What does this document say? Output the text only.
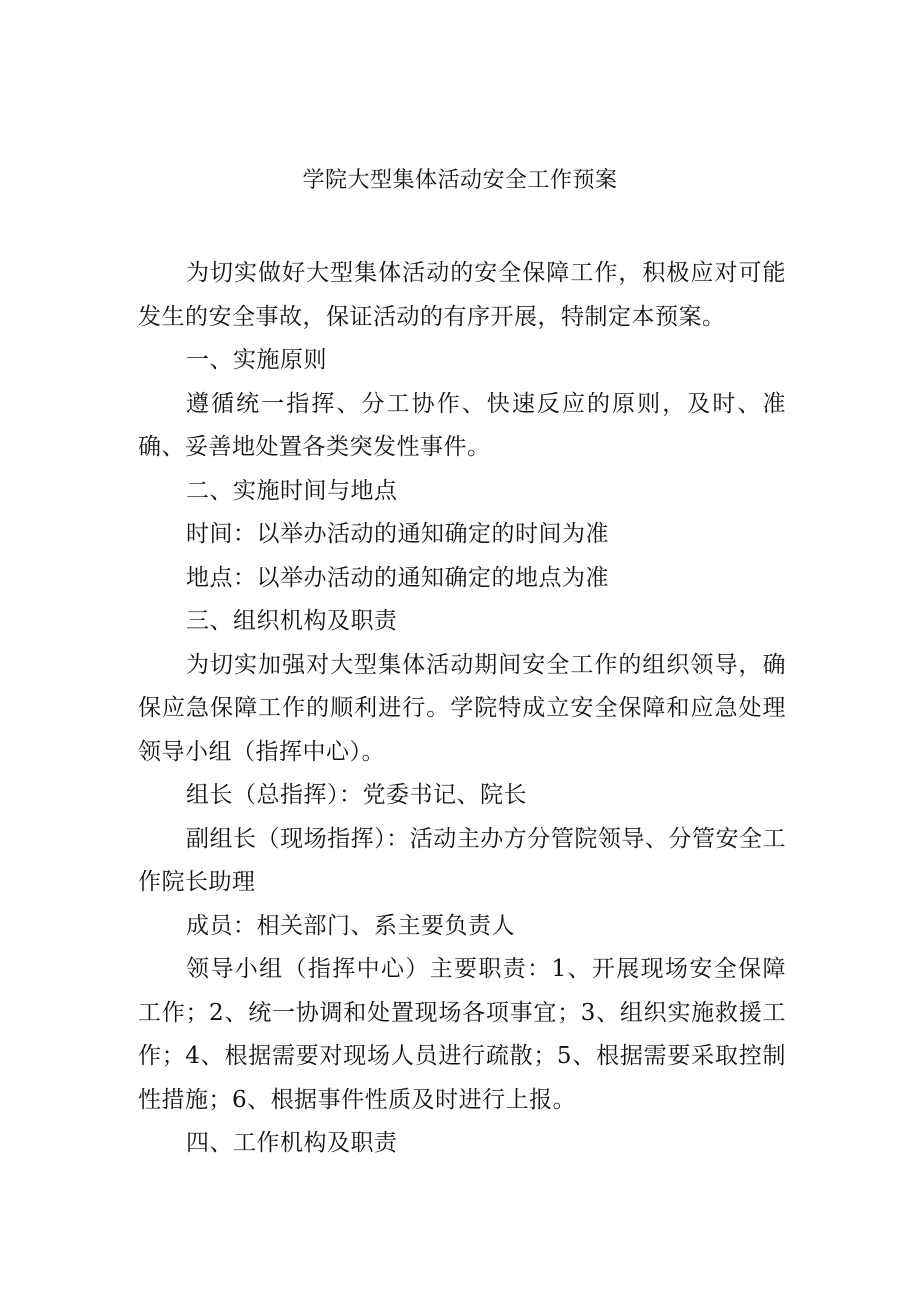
学院大型集体活动安全工作预案

为切实做好大型集体活动的安全保障工作，积极应对可能发生的安全事故，保证活动的有序开展，特制定本预案。

一、实施原则

遵循统一指挥、分工协作、快速反应的原则，及时、准确、妥善地处置各类突发性事件。

二、实施时间与地点

时间：以举办活动的通知确定的时间为准

地点：以举办活动的通知确定的地点为准

三、组织机构及职责

为切实加强对大型集体活动期间安全工作的组织领导，确保应急保障工作的顺利进行。学院特成立安全保障和应急处理领导小组（指挥中心）。

组长（总指挥）：党委书记、院长

副组长（现场指挥）：活动主办方分管院领导、分管安全工作院长助理

成员：相关部门、系主要负责人

领导小组（指挥中心）主要职责：1、开展现场安全保障工作；2、统一协调和处置现场各项事宜；3、组织实施救援工作；4、根据需要对现场人员进行疏散；5、根据需要采取控制性措施；6、根据事件性质及时进行上报。

四、工作机构及职责
